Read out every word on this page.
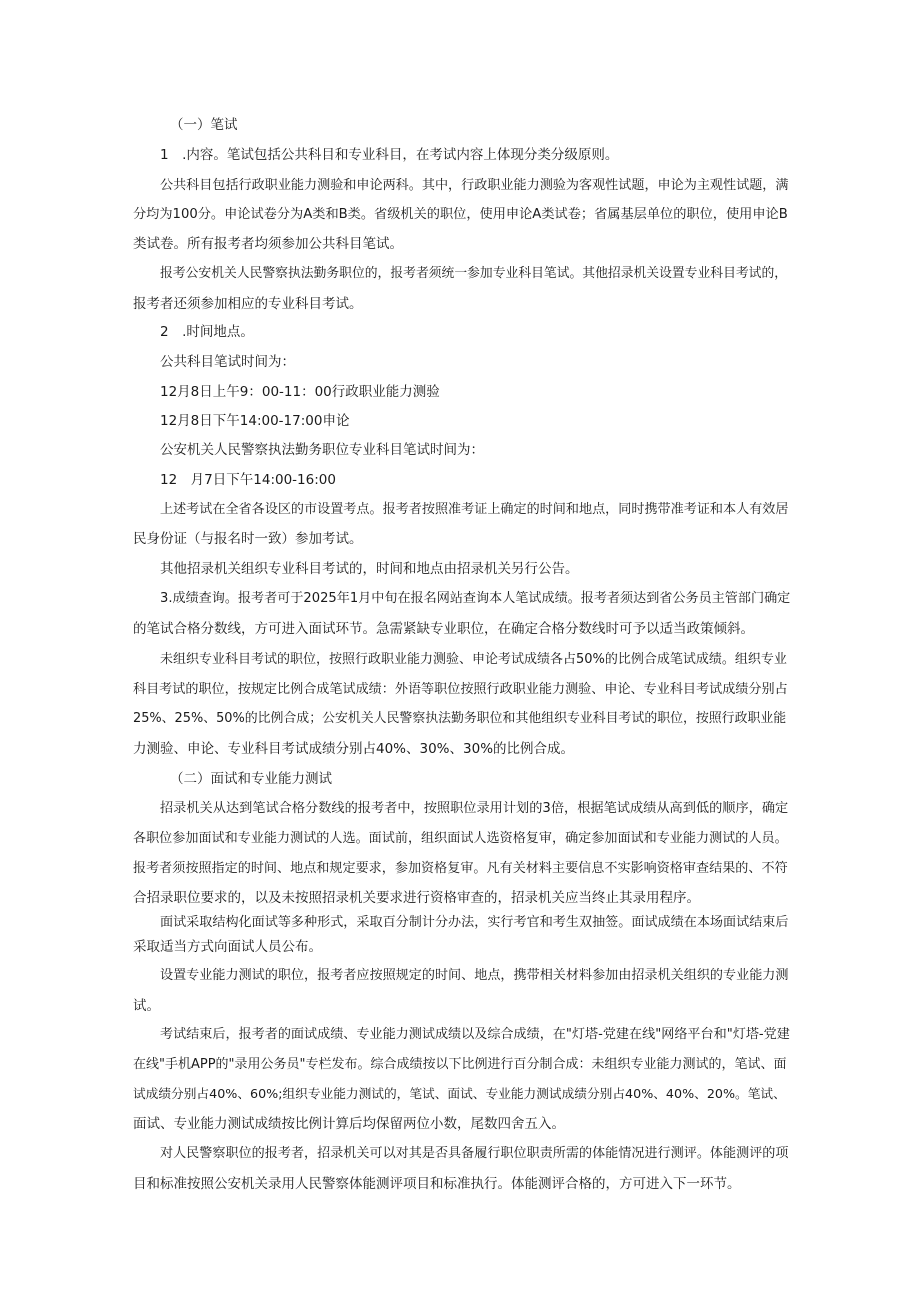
（一）笔试
1　.内容。笔试包括公共科目和专业科目，在考试内容上体现分类分级原则。
公共科目包括行政职业能力测验和申论两科。其中，行政职业能力测验为客观性试题，申论为主观性试题，满
分均为100分。申论试卷分为A类和B类。省级机关的职位，使用申论A类试卷；省属基层单位的职位，使用申论B
类试卷。所有报考者均须参加公共科目笔试。
报考公安机关人民警察执法勤务职位的，报考者须统一参加专业科目笔试。其他招录机关设置专业科目考试的，
报考者还须参加相应的专业科目考试。
2　.时间地点。
公共科目笔试时间为：
12月8日上午9：00-11：00行政职业能力测验
12月8日下午14:00-17:00申论
公安机关人民警察执法勤务职位专业科目笔试时间为：
12　月7日下午14:00-16:00
上述考试在全省各设区的市设置考点。报考者按照准考证上确定的时间和地点，同时携带准考证和本人有效居
民身份证（与报名时一致）参加考试。
其他招录机关组织专业科目考试的，时间和地点由招录机关另行公告。
3.成绩查询。报考者可于2025年1月中旬在报名网站查询本人笔试成绩。报考者须达到省公务员主管部门确定
的笔试合格分数线，方可进入面试环节。急需紧缺专业职位，在确定合格分数线时可予以适当政策倾斜。
未组织专业科目考试的职位，按照行政职业能力测验、申论考试成绩各占50%的比例合成笔试成绩。组织专业
科目考试的职位，按规定比例合成笔试成绩：外语等职位按照行政职业能力测验、申论、专业科目考试成绩分别占
25%、25%、50%的比例合成；公安机关人民警察执法勤务职位和其他组织专业科目考试的职位，按照行政职业能
力测验、申论、专业科目考试成绩分别占40%、30%、30%的比例合成。
（二）面试和专业能力测试
招录机关从达到笔试合格分数线的报考者中，按照职位录用计划的3倍，根据笔试成绩从高到低的顺序，确定
各职位参加面试和专业能力测试的人选。面试前，组织面试人选资格复审，确定参加面试和专业能力测试的人员。
报考者须按照指定的时间、地点和规定要求，参加资格复审。凡有关材料主要信息不实影响资格审查结果的、不符
合招录职位要求的，以及未按照招录机关要求进行资格审查的，招录机关应当终止其录用程序。
面试采取结构化面试等多种形式，采取百分制计分办法，实行考官和考生双抽签。面试成绩在本场面试结束后
采取适当方式向面试人员公布。
设置专业能力测试的职位，报考者应按照规定的时间、地点，携带相关材料参加由招录机关组织的专业能力测
试。
考试结束后，报考者的面试成绩、专业能力测试成绩以及综合成绩，在"灯塔-党建在线"网络平台和"灯塔-党建
在线"手机APP的"录用公务员"专栏发布。综合成绩按以下比例进行百分制合成：未组织专业能力测试的，笔试、面
试成绩分别占40%、60%;组织专业能力测试的，笔试、面试、专业能力测试成绩分别占40%、40%、20%。笔试、
面试、专业能力测试成绩按比例计算后均保留两位小数，尾数四舍五入。
对人民警察职位的报考者，招录机关可以对其是否具备履行职位职责所需的体能情况进行测评。体能测评的项
目和标准按照公安机关录用人民警察体能测评项目和标准执行。体能测评合格的，方可进入下一环节。
